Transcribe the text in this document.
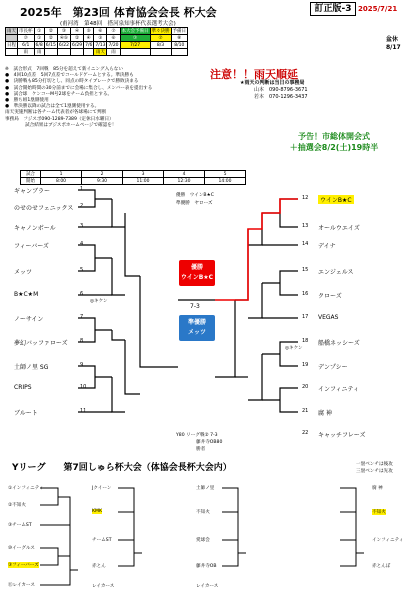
2025年　第23回 体育協会会長 杯大会
(甫河湾　第48回　搭河泉知事杯代表選考大会)
訂正版-3 2025/7/21
雨天	市長杯	①	②	③	④	⑤	⑥	⑦	本大会予備日	準々決勝	予備日
	⑦	①	②	④⑤	②	④	⑤	⑥	⑦	⑦	⑧
日程	6/1	6/8	6/15	6/22	6/29	7/6	7/13	7/20	7/27	8/3	8/10
	雨	雨					雨天	雨			
盆休
8/17
※　試合形式　7回戦　85分を超えて新イニング入らない
●　4回10点差　5回7点差でコールドゲームとする。準決勝も
●　決勝戦も85分打切とし、同点の時タイブレークで勝敗決まる
●　試合開始時間の30分前までに会場に集合し、メンバー表を提出する
●　試合球　ケンコーM号2球をチーム負担とする。
●　勝ち組1塁側使用
●　準決勝以降の試合は全て1塁側使用する。
雨天実施判断は各チーム代表者が各球場にて判断
事務局　フジスポ090-1289-7389（定休日水曜日）
試合結果はブジスポホームページで確認を！
注意！！雨天順延
★雨天の判断は当日の事務局
山本　090-8796-3671
若本　070-1296-3437
予告！市総体開会式
＋抽選会8/2(土)19時半
試合	1	2	3	4	5
開始	8:00	9:30	11:00	12:30	14:00
ギャンブラー
のせのせフェニックス
キャノンボール
フィーバーズ
メッツ
B★C★M
ノーサイン
夢幻バッファローズ
土師ノ里 SG
CRIPS
ブルート
1
2
3
4
5
6
7
8
9
10
11
ウインB★C
オールウエイズ
デイナ
エンジェルス
クローズ
VEGAS
船橋ネッシーズ
デンプシー
インフィニティ
腐 神
キャッチフレーズ
12
13
14
15
16
17
18
19
20
21
22
優勝　ウインB★C
準優勝　ヤローズ
優勝
ウインB★C
7-3
準優勝
メッツ
◎キケン
◎キケン
Y80 リーグ戦② 7-3
藤井寺OB80
勝者
Yリーグ　　第7回しゅら杯大会（体協会長杯大会内）	一塁ベンチは後攻
三塁ベンチは先攻
①インフィニティ
②不知火
③チームST
⑩イーグルス
③フィーバーズ
⑪レイカース
Jクイーン
KMK
チームST
赤とん
レイカース
土師ノ里
不知火
愛球会
藤井寺OB
レイカース
腐 神
不知火
インフィニティ
赤とんぼ
